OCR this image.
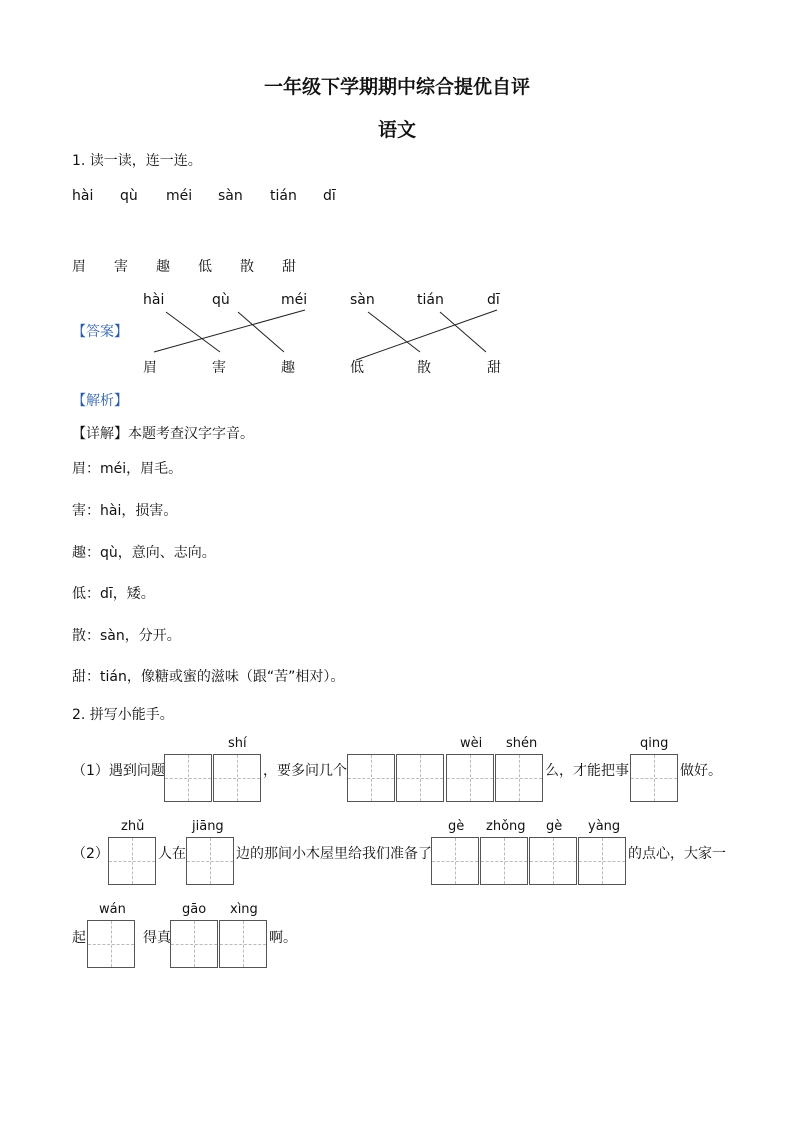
一年级下学期期中综合提优自评
语文
1. 读一读，连一连。
hài qù méi sàn tián dī
眉 害 趣 低 散 甜
【答案】
hài	qù	méi	sàn	tián	dī
眉	害	趣	低	散	甜
【解析】
【详解】本题考查汉字字音。
眉：méi，眉毛。
害：hài，损害。
趣：qù，意向、志向。
低：dī，矮。
散：sàn，分开。
甜：tián，像糖或蜜的滋味（跟“苦”相对）。
2. 拼写小能手。
（1）遇到问题
shí
，要多问几个
wèi shén
么，才能把事
qing
做好。
（2）
zhǔ
人在
jiāng
边的那间小木屋里给我们准备了
gè zhǒng gè yàng
的点心，大家一
起
wán
得真
gāo xìng
啊。
